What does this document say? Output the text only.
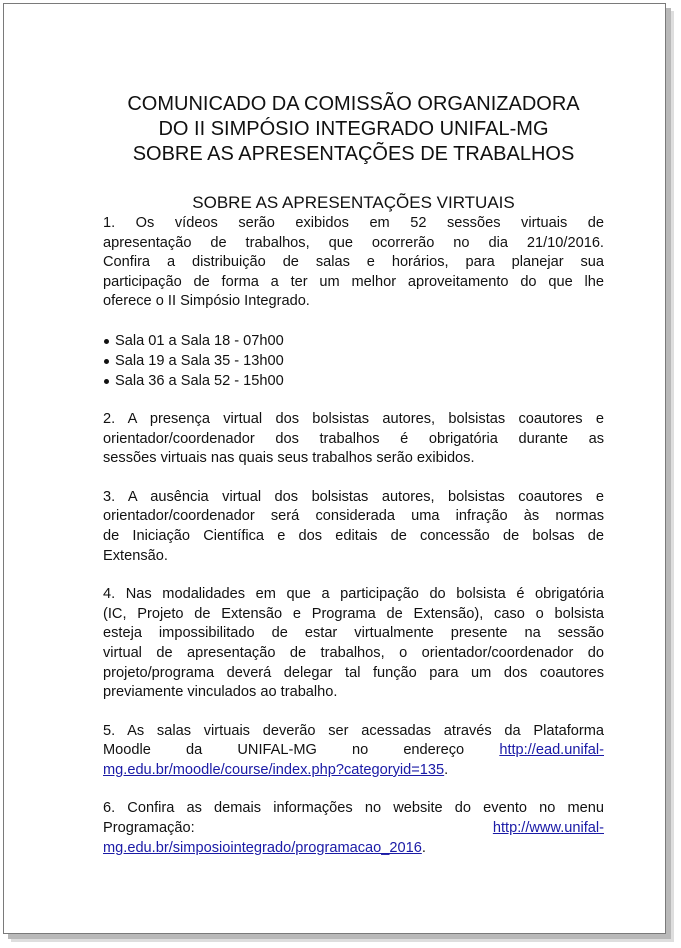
COMUNICADO DA COMISSÃO ORGANIZADORA
DO II SIMPÓSIO INTEGRADO UNIFAL-MG
SOBRE AS APRESENTAÇÕES DE TRABALHOS
SOBRE AS APRESENTAÇÕES VIRTUAIS
1. Os vídeos serão exibidos em 52 sessões virtuais de
apresentação de trabalhos, que ocorrerão no dia 21/10/2016.
Confira a distribuição de salas e horários, para planejar sua
participação de forma a ter um melhor aproveitamento do que lhe
oferece o II Simpósio Integrado.
Sala 01 a Sala 18 - 07h00
Sala 19 a Sala 35 - 13h00
Sala 36 a Sala 52 - 15h00
2. A presença virtual dos bolsistas autores, bolsistas coautores e
orientador/coordenador dos trabalhos é obrigatória durante as
sessões virtuais nas quais seus trabalhos serão exibidos.
3. A ausência virtual dos bolsistas autores, bolsistas coautores e
orientador/coordenador será considerada uma infração às normas
de Iniciação Científica e dos editais de concessão de bolsas de
Extensão.
4. Nas modalidades em que a participação do bolsista é obrigatória
(IC, Projeto de Extensão e Programa de Extensão), caso o bolsista
esteja impossibilitado de estar virtualmente presente na sessão
virtual de apresentação de trabalhos, o orientador/coordenador do
projeto/programa deverá delegar tal função para um dos coautores
previamente vinculados ao trabalho.
5. As salas virtuais deverão ser acessadas através da Plataforma
Moodle da UNIFAL-MG no endereço http://ead.unifal-
mg.edu.br/moodle/course/index.php?categoryid=135.
6. Confira as demais informações no website do evento no menu
Programação:	http://www.unifal-
mg.edu.br/simposiointegrado/programacao_2016.
